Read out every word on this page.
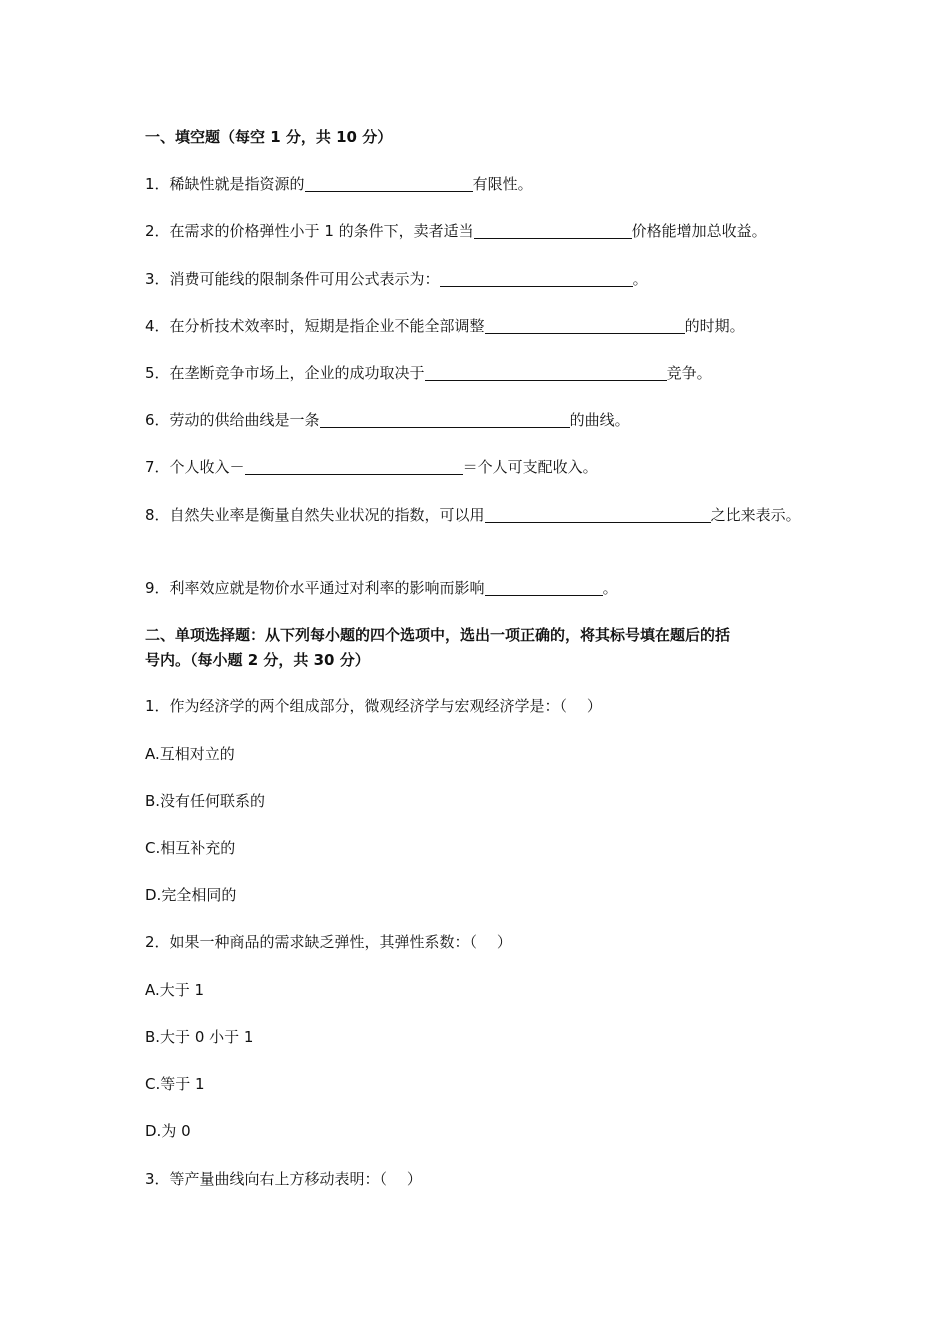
一、填空题（每空 1 分，共 10 分）
1．稀缺性就是指资源的	有限性。
2．在需求的价格弹性小于 1 的条件下，卖者适当	价格能增加总收益。
3．消费可能线的限制条件可用公式表示为：	。
4．在分析技术效率时，短期是指企业不能全部调整	的时期。
5．在垄断竞争市场上，企业的成功取决于	竞争。
6．劳动的供给曲线是一条	的曲线。
7．个人收入－	＝个人可支配收入。
8．自然失业率是衡量自然失业状况的指数，可以用	之比来表示。
9．利率效应就是物价水平通过对利率的影响而影响	。
二、单项选择题：从下列每小题的四个选项中，选出一项正确的，将其标号填在题后的括
号内。（每小题 2 分，共 30 分）
1．作为经济学的两个组成部分，微观经济学与宏观经济学是：（　 ）
A.互相对立的
B.没有任何联系的
C.相互补充的
D.完全相同的
2．如果一种商品的需求缺乏弹性，其弹性系数：（　 ）
A.大于 1
B.大于 0 小于 1
C.等于 1
D.为 0
3．等产量曲线向右上方移动表明：（　 ）
